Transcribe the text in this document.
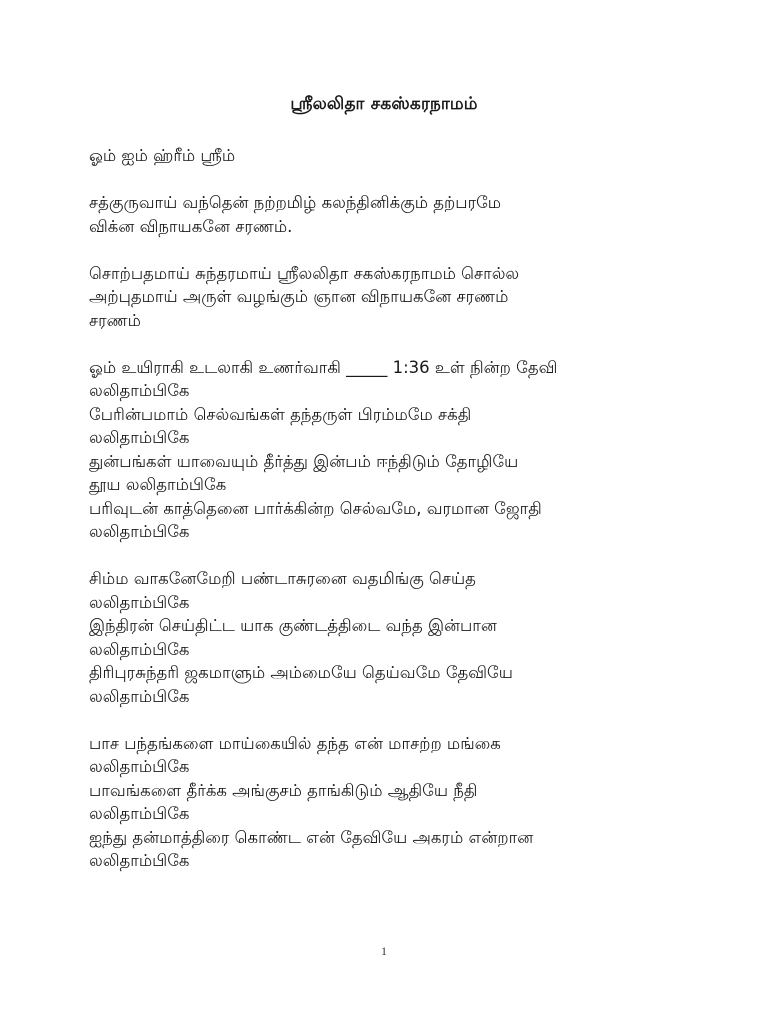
ஸ்ரீலலிதா சகஸ்கரநாமம்
ஓம் ஐம் ஹ்ரீம் ஸ்ரீம்
சத்குருவாய் வந்தென் நற்றமிழ் கலந்தினிக்கும் தற்பரமே
விக்ன விநாயகனே சரணம்.
சொற்பதமாய் சுந்தரமாய் ஸ்ரீலலிதா சகஸ்கரநாமம் சொல்ல
அற்புதமாய் அருள் வழங்கும் ஞான விநாயகனே சரணம்
சரணம்
ஓம் உயிராகி உடலாகி உணர்வாகி _____ 1:36 உள் நின்ற தேவி
லலிதாம்பிகே
பேரின்பமாம் செல்வங்கள் தந்தருள் பிரம்மமே சக்தி
லலிதாம்பிகே
துன்பங்கள் யாவையும் தீர்த்து இன்பம் ஈந்திடும் தோழியே
தூய லலிதாம்பிகே
பரிவுடன் காத்தெனை பார்க்கின்ற செல்வமே, வரமான ஜோதி
லலிதாம்பிகே
சிம்ம வாகனேமேறி பண்டாசுரனை வதமிங்கு செய்த
லலிதாம்பிகே
இந்திரன் செய்திட்ட யாக குண்டத்திடை வந்த இன்பான
லலிதாம்பிகே
திரிபுரசுந்தரி ஜகமாளும் அம்மையே தெய்வமே தேவியே
லலிதாம்பிகே
பாச பந்தங்களை மாய்கையில் தந்த என் மாசற்ற மங்கை
லலிதாம்பிகே
பாவங்களை தீர்க்க அங்குசம் தாங்கிடும் ஆதியே நீதி
லலிதாம்பிகே
ஐந்து தன்மாத்திரை கொண்ட என் தேவியே அகரம் என்றான
லலிதாம்பிகே
1
